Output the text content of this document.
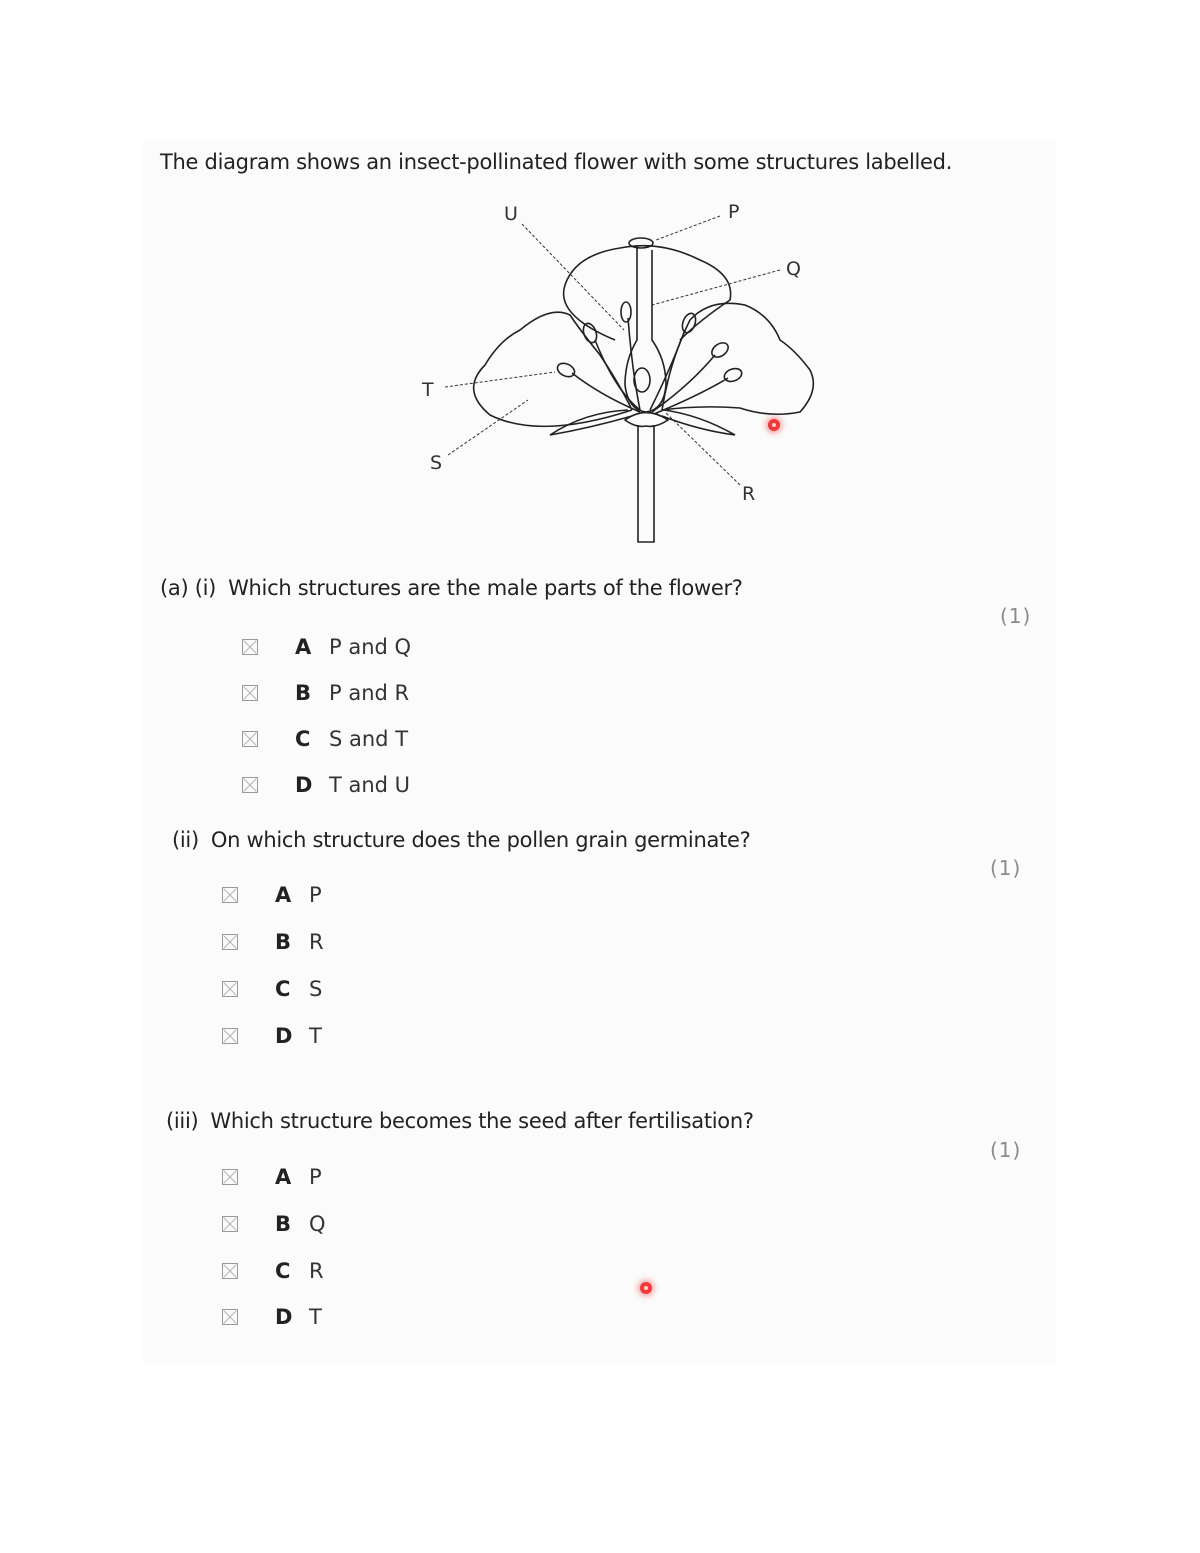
The diagram shows an insect-pollinated flower with some structures labelled.
U	P
Q
T
S
R
(a) (i) Which structures are the male parts of the flower?
(1)
A P and Q
B P and R
C S and T
D T and U
(ii) On which structure does the pollen grain germinate?
(1)
A P
B R
C S
D T
(iii) Which structure becomes the seed after fertilisation?
(1)
A P
B Q
C R
D T
